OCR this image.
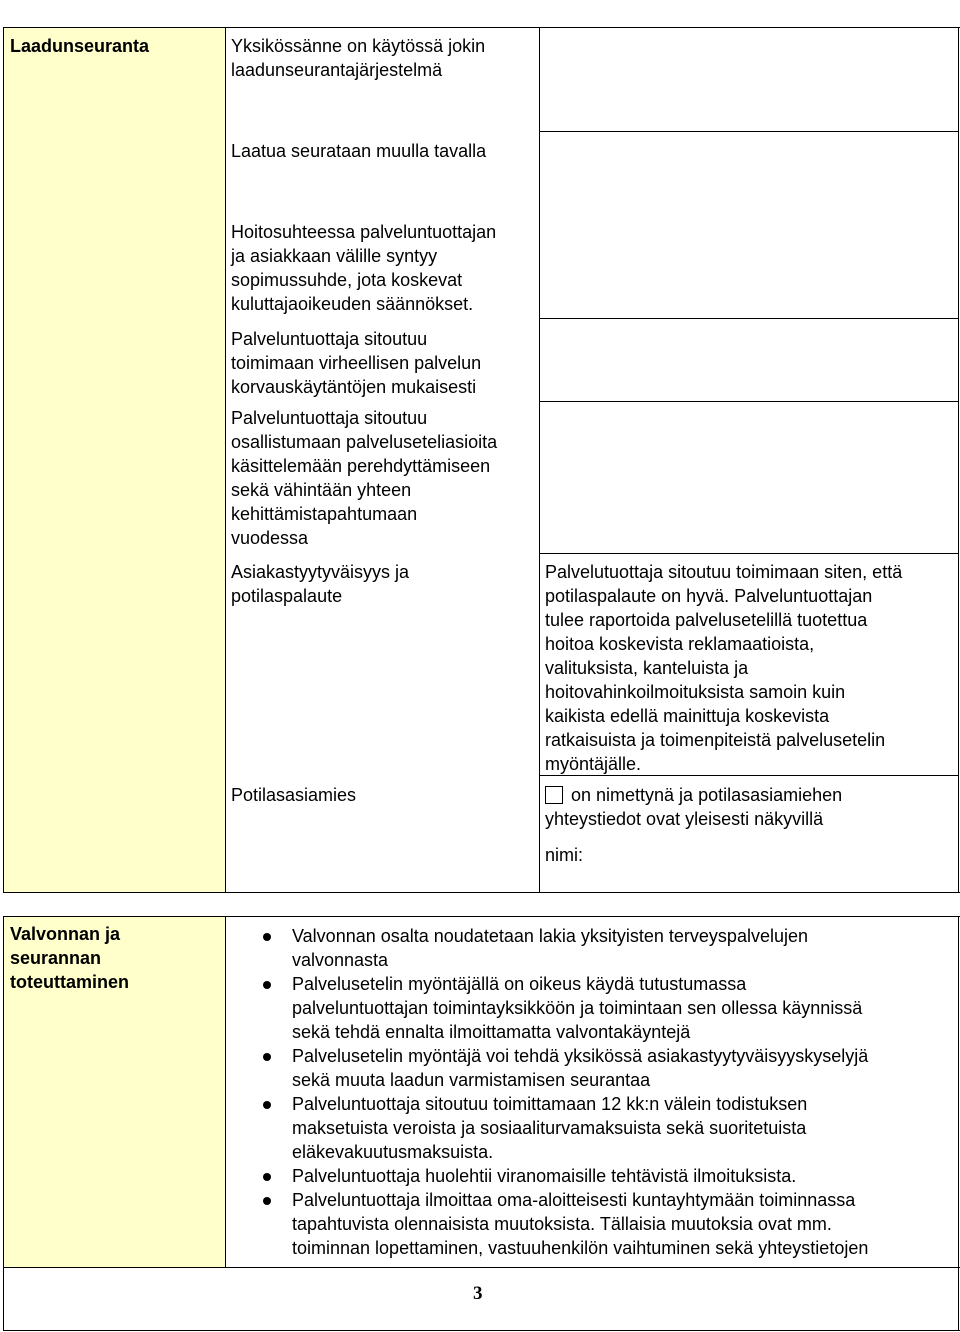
Laadunseuranta	Yksikössänne on käytössä jokin
laadunseurantajärjestelmä
Laatua seurataan muulla tavalla
Hoitosuhteessa palveluntuottajan
ja asiakkaan välille syntyy
sopimussuhde, jota koskevat
kuluttajaoikeuden säännökset.
Palveluntuottaja sitoutuu
toimimaan virheellisen palvelun
korvauskäytäntöjen mukaisesti
Palveluntuottaja sitoutuu
osallistumaan palveluseteliasioita
käsittelemään perehdyttämiseen
sekä vähintään yhteen
kehittämistapahtumaan
vuodessa
Asiakastyytyväisyys ja
potilaspalaute
Potilasasiamies
Palvelutuottaja sitoutuu toimimaan siten, että
potilaspalaute on hyvä. Palveluntuottajan
tulee raportoida palvelusetelillä tuotettua
hoitoa koskevista reklamaatioista,
valituksista, kanteluista ja
hoitovahinkoilmoituksista samoin kuin
kaikista edellä mainittuja koskevista
ratkaisuista ja toimenpiteistä palvelusetelin
myöntäjälle.
on nimettynä ja potilasasiamiehen
yhteystiedot ovat yleisesti näkyvillä
nimi:
Valvonnan ja
seurannan
toteuttaminen
Valvonnan osalta noudatetaan lakia yksityisten terveyspalvelujen
valvonnasta
Palvelusetelin myöntäjällä on oikeus käydä tutustumassa
palveluntuottajan toimintayksikköön ja toimintaan sen ollessa käynnissä
sekä tehdä ennalta ilmoittamatta valvontakäyntejä
Palvelusetelin myöntäjä voi tehdä yksikössä asiakastyytyväisyyskyselyjä
sekä muuta laadun varmistamisen seurantaa
Palveluntuottaja sitoutuu toimittamaan 12 kk:n välein todistuksen
maksetuista veroista ja sosiaaliturvamaksuista sekä suoritetuista
eläkevakuutusmaksuista.
Palveluntuottaja huolehtii viranomaisille tehtävistä ilmoituksista.
Palveluntuottaja ilmoittaa oma-aloitteisesti kuntayhtymään toiminnassa
tapahtuvista olennaisista muutoksista. Tällaisia muutoksia ovat mm.
toiminnan lopettaminen, vastuuhenkilön vaihtuminen sekä yhteystietojen
3
